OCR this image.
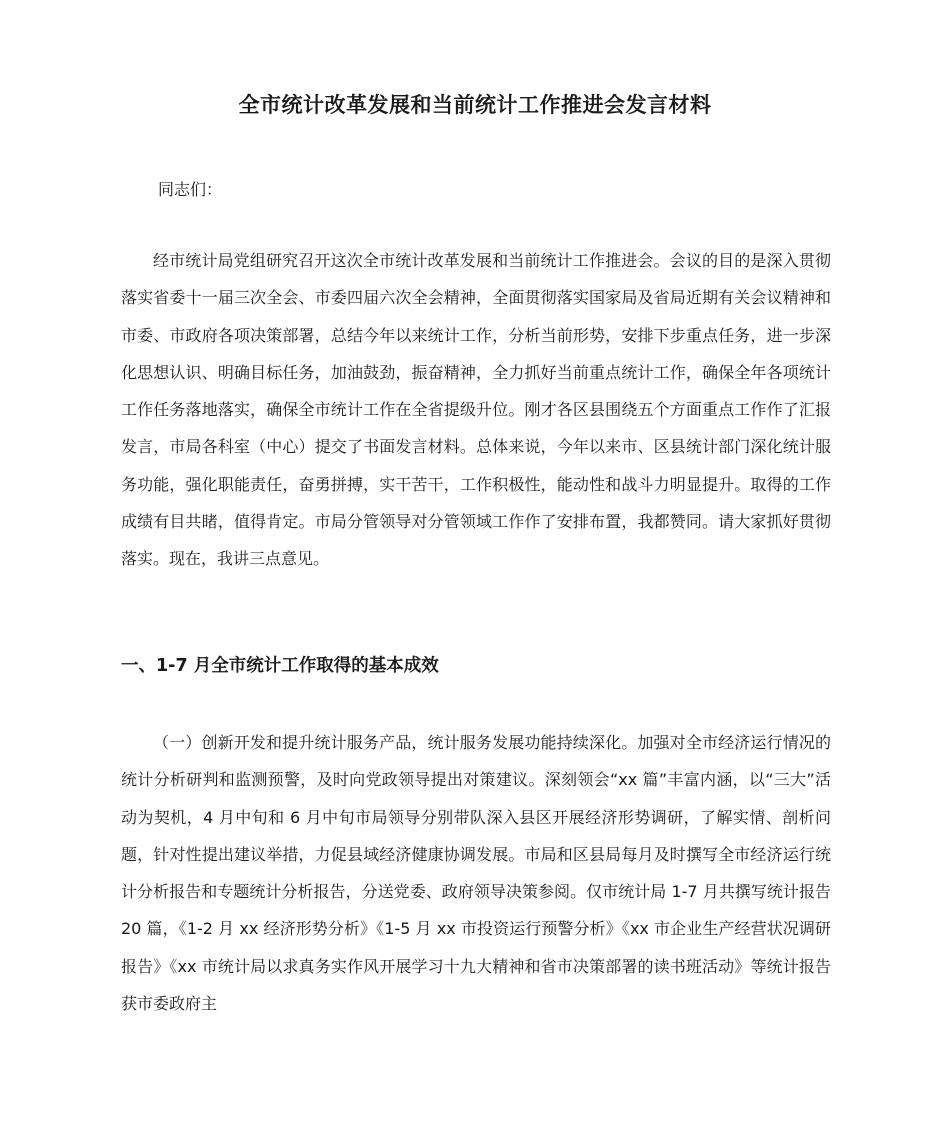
全市统计改革发展和当前统计工作推进会发言材料
同志们：

经市统计局党组研究召开这次全市统计改革发展和当前统计工作推进会。会议的目的是深入贯彻落实省委十一届三次全会、市委四届六次全会精神，全面贯彻落实国家局及省局近期有关会议精神和市委、市政府各项决策部署，总结今年以来统计工作，分析当前形势，安排下步重点任务，进一步深化思想认识、明确目标任务，加油鼓劲，振奋精神，全力抓好当前重点统计工作，确保全年各项统计工作任务落地落实，确保全市统计工作在全省提级升位。刚才各区县围绕五个方面重点工作作了汇报发言，市局各科室（中心）提交了书面发言材料。总体来说，今年以来市、区县统计部门深化统计服务功能，强化职能责任，奋勇拼搏，实干苦干，工作积极性，能动性和战斗力明显提升。取得的工作成绩有目共睹，值得肯定。市局分管领导对分管领域工作作了安排布置，我都赞同。请大家抓好贯彻落实。现在，我讲三点意见。

一、1-7 月全市统计工作取得的基本成效

（一）创新开发和提升统计服务产品，统计服务发展功能持续深化。加强对全市经济运行情况的统计分析研判和监测预警，及时向党政领导提出对策建议。深刻领会“xx 篇”丰富内涵，以“三大”活动为契机，4 月中旬和 6 月中旬市局领导分别带队深入县区开展经济形势调研，了解实情、剖析问题，针对性提出建议举措，力促县域经济健康协调发展。市局和区县局每月及时撰写全市经济运行统计分析报告和专题统计分析报告，分送党委、政府领导决策参阅。仅市统计局 1-7 月共撰写统计报告 20 篇，《1-2 月 xx 经济形势分析》《1-5 月 xx 市投资运行预警分析》《xx 市企业生产经营状况调研报告》《xx 市统计局以求真务实作风开展学习十九大精神和省市决策部署的读书班活动》等统计报告获市委政府主
